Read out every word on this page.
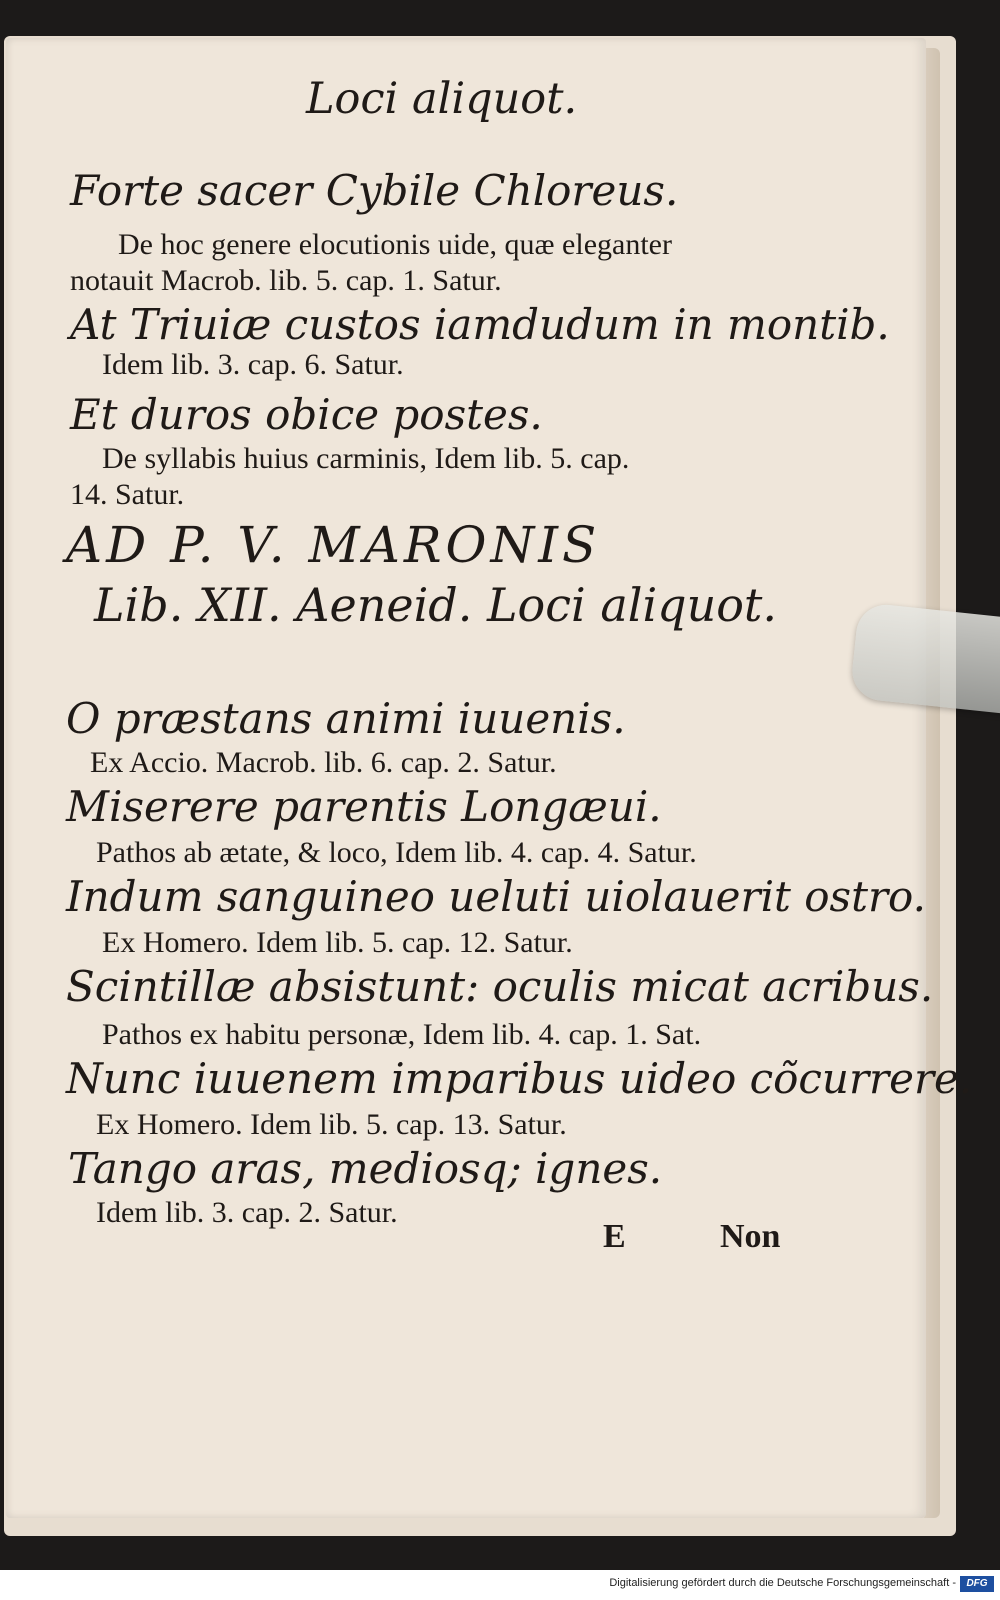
Loci aliquot.
Forte sacer Cybile Chloreus.
De hoc genere elocutionis uide, quæ eleganter
notauit Macrob. lib. 5. cap. 1. Satur.
At Triuiæ custos iamdudum in montib.
Idem lib. 3. cap. 6. Satur.
Et duros obice postes.
De syllabis huius carminis, Idem lib. 5. cap.
14. Satur.
AD P. V. MARONIS
Lib. XII. Aeneid. Loci aliquot.
O præstans animi iuuenis.
Ex Accio. Macrob. lib. 6. cap. 2. Satur.
Miserere parentis Longæui.
Pathos ab ætate, & loco, Idem lib. 4. cap. 4. Satur.
Indum sanguineo ueluti uiolauerit ostro.
Ex Homero. Idem lib. 5. cap. 12. Satur.
Scintillæ absistunt: oculis micat acribus.
Pathos ex habitu personæ, Idem lib. 4. cap. 1. Sat.
Nunc iuuenem imparibus uideo cõcurrere.
Ex Homero. Idem lib. 5. cap. 13. Satur.
Tango aras, mediosq; ignes.
Idem lib. 3. cap. 2. Satur.
E	Non
Digitalisierung gefördert durch die Deutsche Forschungsgemeinschaft -	DFG
